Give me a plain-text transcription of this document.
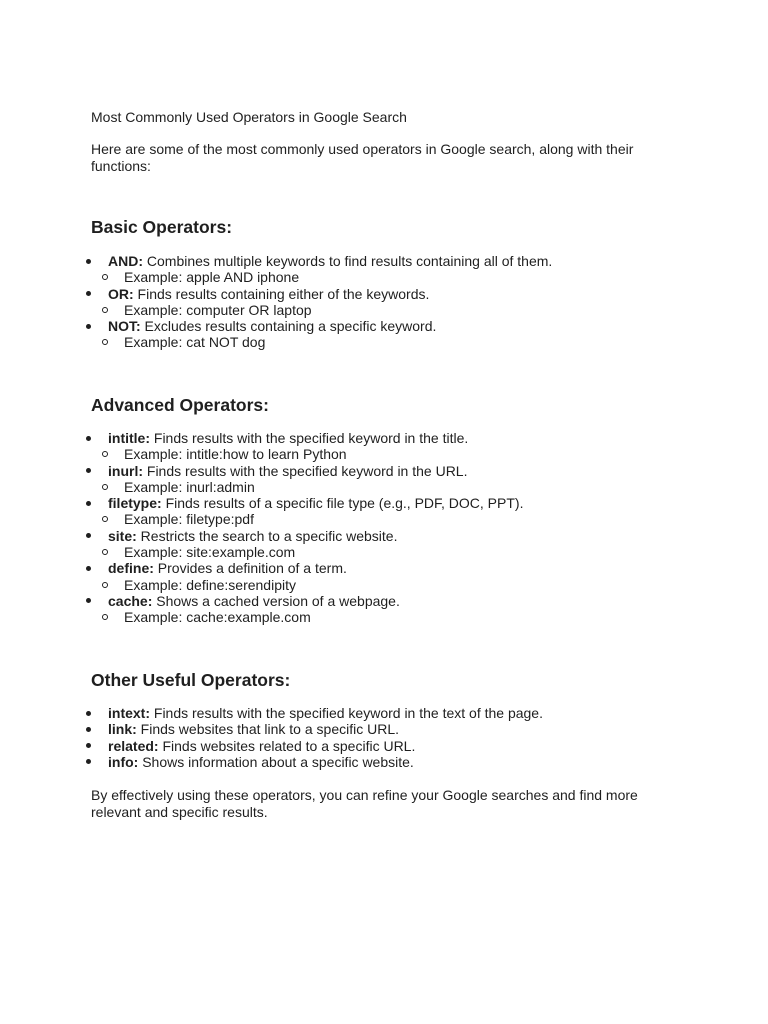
Most Commonly Used Operators in Google Search
Here are some of the most commonly used operators in Google search, along with their functions:
Basic Operators:
AND: Combines multiple keywords to find results containing all of them.
Example: apple AND iphone
OR: Finds results containing either of the keywords.
Example: computer OR laptop
NOT: Excludes results containing a specific keyword.
Example: cat NOT dog
Advanced Operators:
intitle: Finds results with the specified keyword in the title.
Example: intitle:how to learn Python
inurl: Finds results with the specified keyword in the URL.
Example: inurl:admin
filetype: Finds results of a specific file type (e.g., PDF, DOC, PPT).
Example: filetype:pdf
site: Restricts the search to a specific website.
Example: site:example.com
define: Provides a definition of a term.
Example: define:serendipity
cache: Shows a cached version of a webpage.
Example: cache:example.com
Other Useful Operators:
intext: Finds results with the specified keyword in the text of the page.
link: Finds websites that link to a specific URL.
related: Finds websites related to a specific URL.
info: Shows information about a specific website.
By effectively using these operators, you can refine your Google searches and find more relevant and specific results.
